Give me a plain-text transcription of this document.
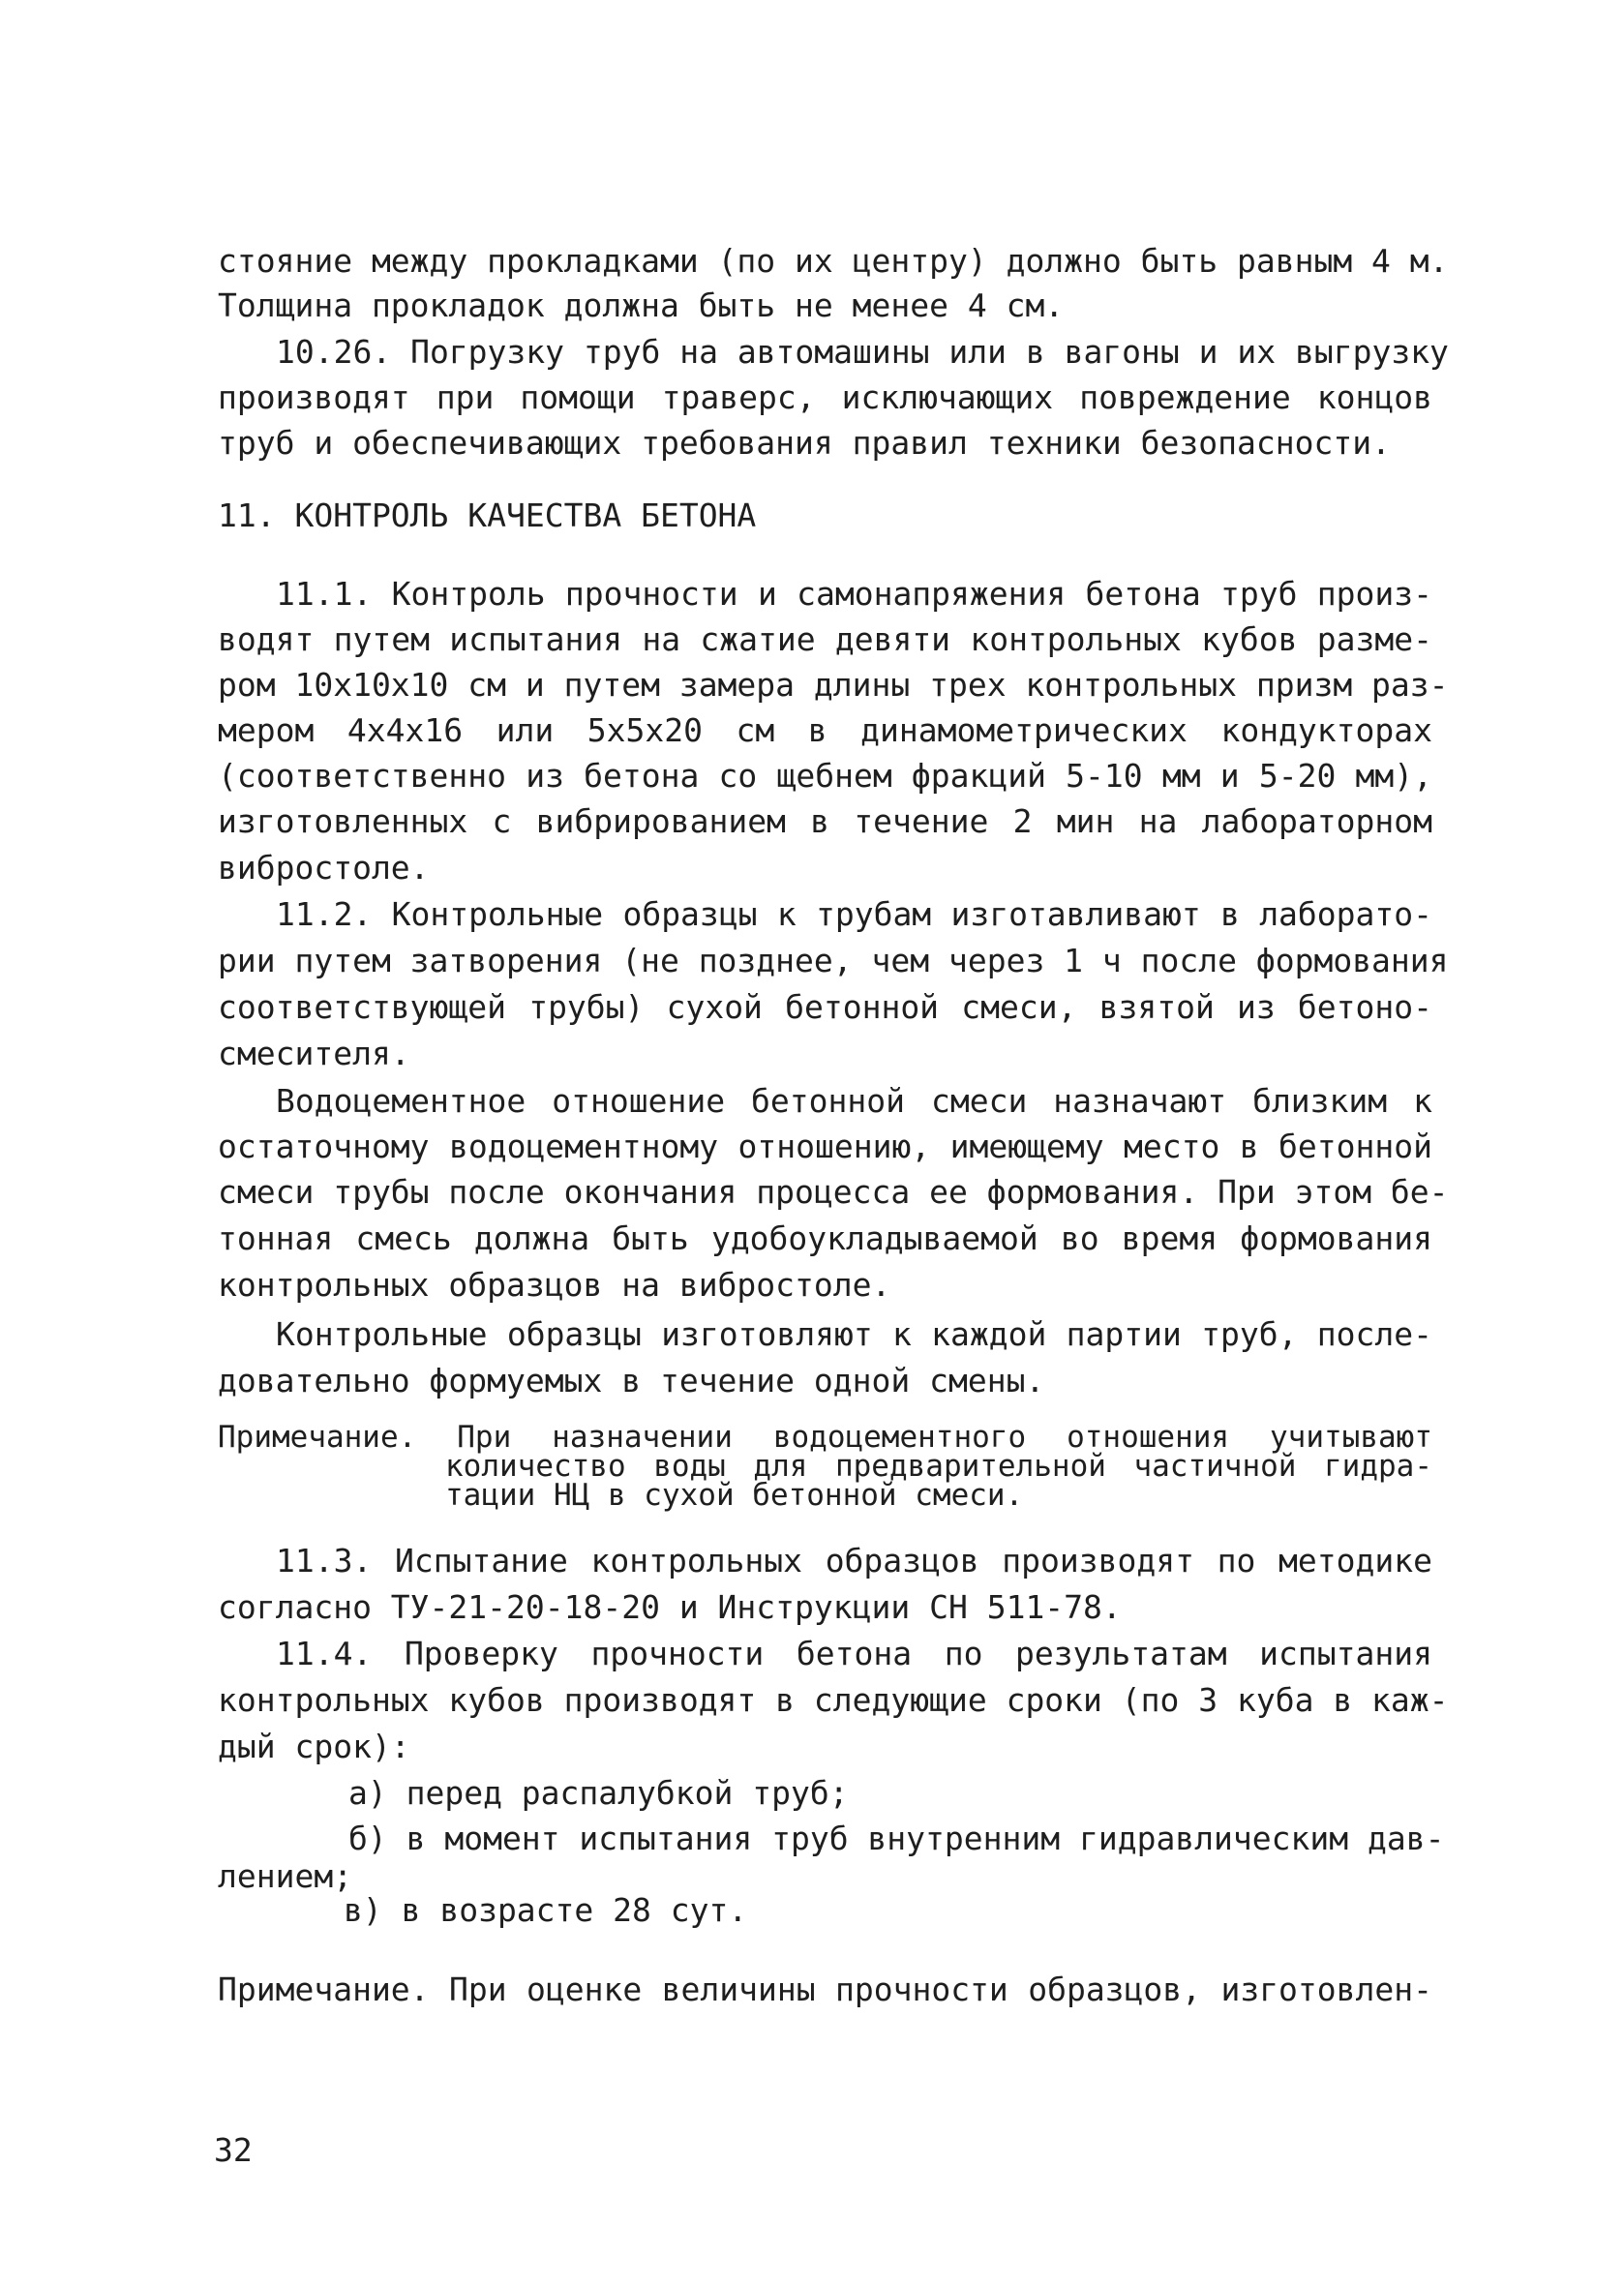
стояние между прокладками (по их центру) должно быть равным 4 м.
Толщина прокладок должна быть не менее 4 см.
10.26. Погрузку труб на автомашины или в вагоны и их выгрузку
производят при помощи траверс, исключающих повреждение концов
труб и обеспечивающих требования правил техники безопасности.
11. КОНТРОЛЬ КАЧЕСТВА БЕТОНА
11.1. Контроль прочности и самонапряжения бетона труб произ-
водят путем испытания на сжатие девяти контрольных кубов разме-
ром 10х10х10 см и путем замера длины трех контрольных призм раз-
мером 4х4х16 или 5х5х20 см в динамометрических кондукторах
(соответственно из бетона со щебнем фракций 5-10 мм и 5-20 мм),
изготовленных с вибрированием в течение 2 мин на лабораторном
вибростоле.
11.2. Контрольные образцы к трубам изготавливают в лаборато-
рии путем затворения (не позднее, чем через 1 ч после формования
соответствующей трубы) сухой бетонной смеси, взятой из бетоно-
смесителя.
Водоцементное отношение бетонной смеси назначают близким к
остаточному водоцементному отношению, имеющему место в бетонной
смеси трубы после окончания процесса ее формования. При этом бе-
тонная смесь должна быть удобоукладываемой во время формования
контрольных образцов на вибростоле.
Контрольные образцы изготовляют к каждой партии труб, после-
довательно формуемых в течение одной смены.
Примечание. При назначении водоцементного отношения учитывают
количество воды для предварительной частичной гидра-
тации НЦ в сухой бетонной смеси.
11.3. Испытание контрольных образцов производят по методике
согласно ТУ-21-20-18-20 и Инструкции СН 511-78.
11.4. Проверку прочности бетона по результатам испытания
контрольных кубов производят в следующие сроки (по 3 куба в каж-
дый срок):
а) перед распалубкой труб;
б) в момент испытания труб внутренним гидравлическим дав-
лением;
в) в возрасте 28 сут.
Примечание. При оценке величины прочности образцов, изготовлен-
32
